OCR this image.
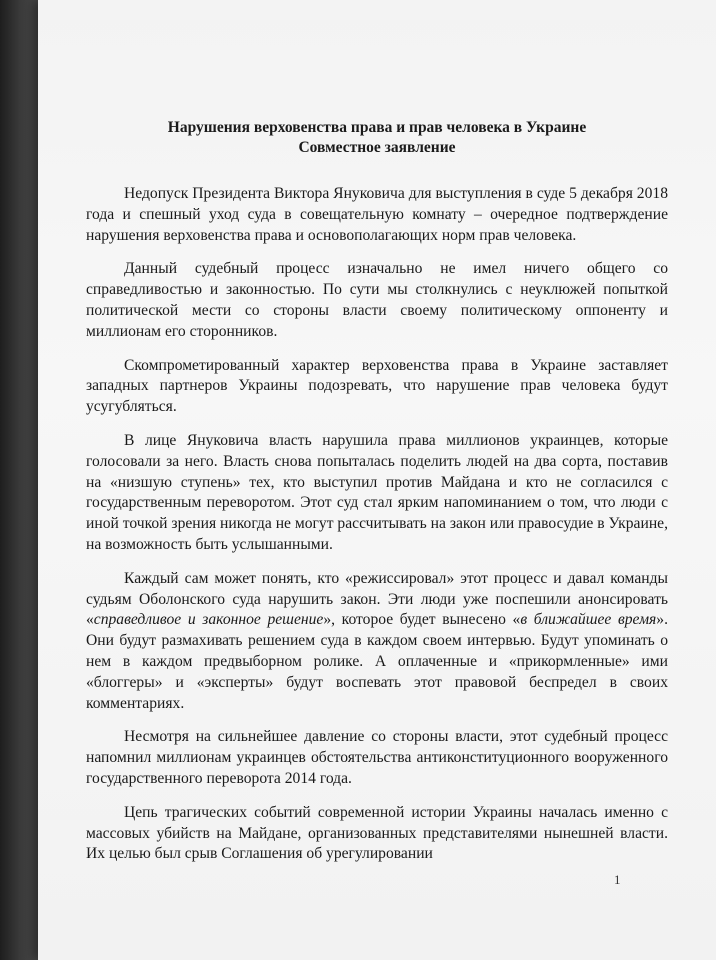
Нарушения верховенства права и прав человека в Украине

Совместное заявление

Недопуск Президента Виктора Януковича для выступления в суде 5 декабря 2018 года и спешный уход суда в совещательную комнату – очередное подтверждение нарушения верховенства права и основополагающих норм прав человека.

Данный судебный процесс изначально не имел ничего общего со справедливостью и законностью. По сути мы столкнулись с неуклюжей попыткой политической мести со стороны власти своему политическому оппоненту и миллионам его сторонников.

Скомпрометированный характер верховенства права в Украине заставляет западных партнеров Украины подозревать, что нарушение прав человека будут усугубляться.

В лице Януковича власть нарушила права миллионов украинцев, которые голосовали за него. Власть снова попыталась поделить людей на два сорта, поставив на «низшую ступень» тех, кто выступил против Майдана и кто не согласился с государственным переворотом. Этот суд стал ярким напоминанием о том, что люди с иной точкой зрения никогда не могут рассчитывать на закон или правосудие в Украине, на возможность быть услышанными.

Каждый сам может понять, кто «режиссировал» этот процесс и давал команды судьям Оболонского суда нарушить закон. Эти люди уже поспешили анонсировать «справедливое и законное решение», которое будет вынесено «в ближайшее время». Они будут размахивать решением суда в каждом своем интервью. Будут упоминать о нем в каждом предвыборном ролике. А оплаченные и «прикормленные» ими «блоггеры» и «эксперты» будут воспевать этот правовой беспредел в своих комментариях.

Несмотря на сильнейшее давление со стороны власти, этот судебный процесс напомнил миллионам украинцев обстоятельства антиконституционного вооруженного государственного переворота 2014 года.

Цепь трагических событий современной истории Украины началась именно с массовых убийств на Майдане, организованных представителями нынешней власти. Их целью был срыв Соглашения об урегулировании

1
